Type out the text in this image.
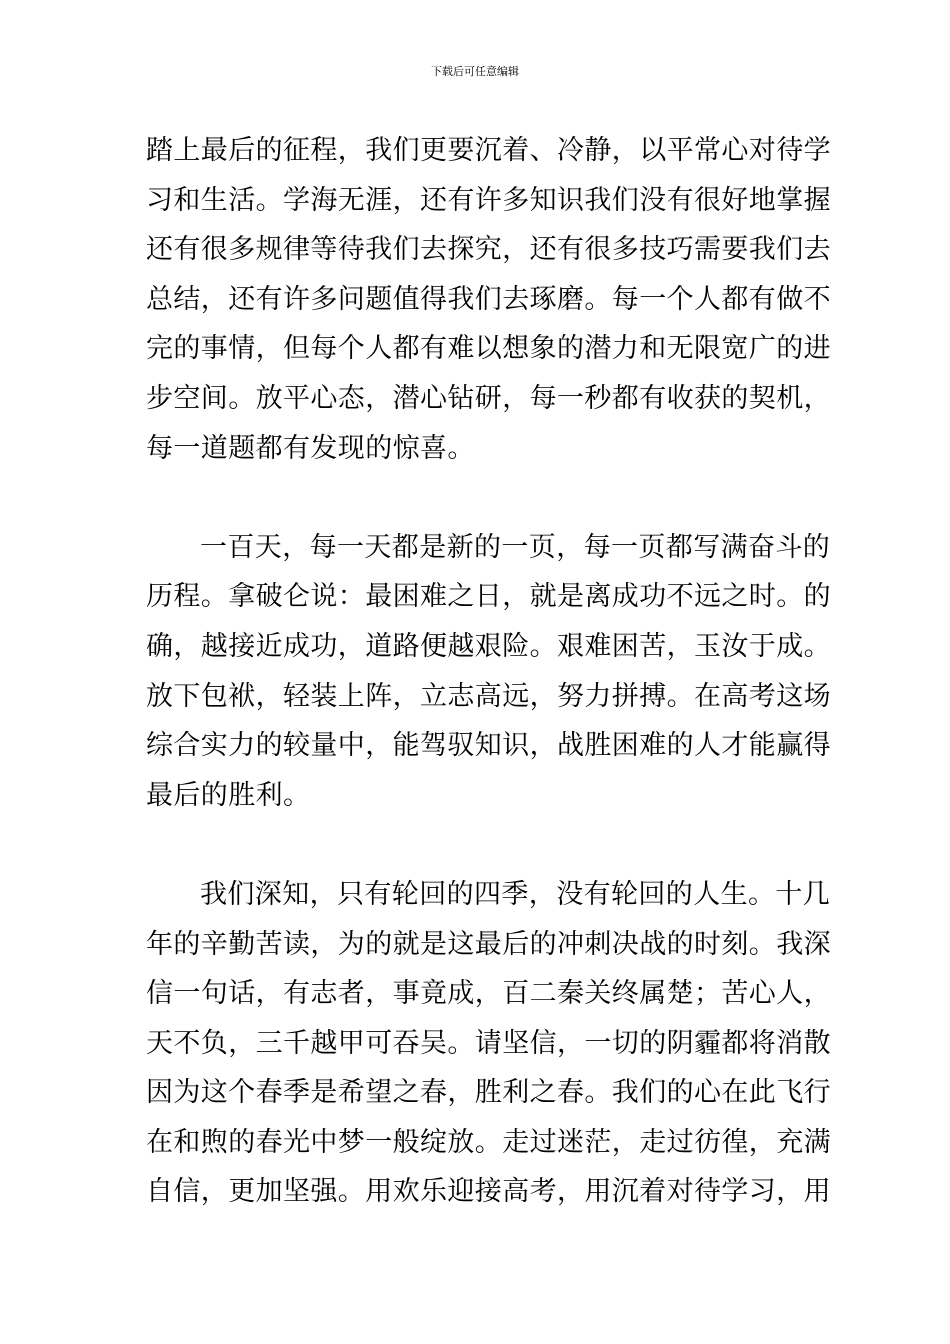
下载后可任意编辑
踏上最后的征程，我们更要沉着、冷静，以平常心对待学
习和生活。学海无涯，还有许多知识我们没有很好地掌握
还有很多规律等待我们去探究，还有很多技巧需要我们去
总结，还有许多问题值得我们去琢磨。每一个人都有做不
完的事情，但每个人都有难以想象的潜力和无限宽广的进
步空间。放平心态，潜心钻研，每一秒都有收获的契机，
每一道题都有发现的惊喜。
一百天，每一天都是新的一页，每一页都写满奋斗的
历程。拿破仑说：最困难之日，就是离成功不远之时。的
确，越接近成功，道路便越艰险。艰难困苦，玉汝于成。
放下包袱，轻装上阵，立志高远，努力拼搏。在高考这场
综合实力的较量中，能驾驭知识，战胜困难的人才能赢得
最后的胜利。
我们深知，只有轮回的四季，没有轮回的人生。十几
年的辛勤苦读，为的就是这最后的冲刺决战的时刻。我深
信一句话，有志者，事竟成，百二秦关终属楚；苦心人，
天不负，三千越甲可吞吴。请坚信，一切的阴霾都将消散
因为这个春季是希望之春，胜利之春。我们的心在此飞行
在和煦的春光中梦一般绽放。走过迷茫，走过彷徨，充满
自信，更加坚强。用欢乐迎接高考，用沉着对待学习，用
